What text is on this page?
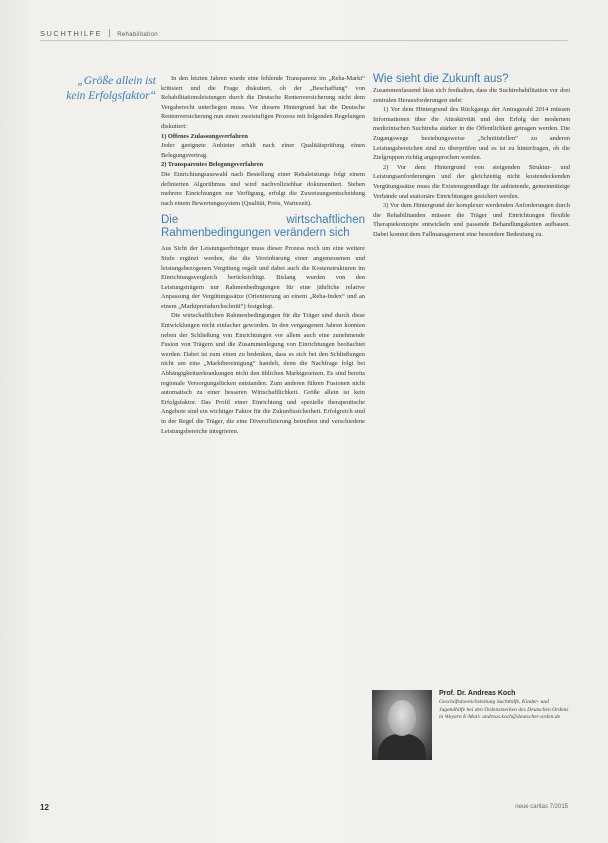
SUCHTHILFE	Rehabilitation
„Größe allein ist kein Erfolgsfaktor“

In den letzten Jahren wurde eine fehlende Transparenz im „Reha-Markt“ kritisiert und die Frage diskutiert, ob der „Beschaffung“ von Rehabilitationsleistungen durch die Deutsche Rentenversicherung nicht dem Vergaberecht unterliegen muss. Vor diesem Hintergrund hat die Deutsche Rentenversicherung nun einen zweistufigen Prozess mit folgenden Regelungen diskutiert:

1) Offenes Zulassungsverfahren

Jeder geeignete Anbieter erhält nach einer Qualitätsprüfung einen Belegungsvertrag.

2) Transparentes Belegungsverfahren

Die Einrichtungsauswahl nach Bestellung einer Rehaleistungs folgt einem definierten Algorithmus und wird nachvollziehbar dokumentiert. Stehen mehrere Einrichtungen zur Verfügung, erfolgt die Zuweisungsentscheidung nach einem Bewertungssystem (Qualität, Preis, Wartezeit).

Die wirtschaftlichen Rahmenbedingungen verändern sich

Aus Sicht der Leistungserbringer muss dieser Prozess noch um eine weitere Stufe ergänzt werden, die die Vereinbarung einer angemessenen und leistungsbezogenen Vergütung regelt und dabei auch die Kostenstrukturen im Einrichtungsvergleich berücksichtigt. Bislang wurden von den Leistungsträgern nur Rahmenbedingungen für eine jährliche relative Anpassung der Vergütungssätze (Orientierung an einem „Reha-Index“ und an einem „Marktpreisdurchschnitt“) festgelegt.

Die wirtschaftlichen Rahmenbedingungen für die Träger sind durch diese Entwicklungen nicht einfacher geworden. In den vergangenen Jahren konnten neben der Schließung von Einrichtungen vor allem auch eine zunehmende Fusion von Trägern und die Zusammenlegung von Einrichtungen beobachtet werden. Dabei ist zum einen zu bedenken, dass es sich bei den Schließungen nicht um eine „Marktbereinigung“ handelt, denn die Nachfrage folgt bei Abhängigkeitserkrankungen nicht den üblichen Marktgesetzen. Es sind bereits regionale Versorgungslücken entstanden. Zum anderen führen Fusionen nicht automatisch zu einer besseren Wirtschaftlichkeit. Größe allein ist kein Erfolgsfaktor. Das Profil einer Einrichtung und spezielle therapeutische Angebote sind ein wichtiger Faktor für die Zukunftssicherheit. Erfolgreich sind in der Regel die Träger, die eine Diversifizierung betreiben und verschiedene Leistungsbereiche integrieren.

Wie sieht die Zukunft aus?

Zusammenfassend lässt sich festhalten, dass die Suchtrehabilitation vor drei zentralen Herausforderungen steht:

1) Vor dem Hintergrund des Rückgangs der Antragszahl 2014 müssen Informationen über die Attraktivität und den Erfolg der modernen medizinischen Suchtreha stärker in die Öffentlichkeit getragen werden. Die Zugangswege beziehungsweise „Schnittstellen“ zu anderen Leistungsbereichen sind zu überprüfen und es ist zu hinterfragen, ob die Zielgruppen richtig angesprochen werden.

2) Vor dem Hintergrund von steigenden Struktur- und Leistungsanforderungen und der gleichzeitig nicht kostendeckenden Vergütungssätze muss die Existenzgrundlage für anbietende, gemeinnützige Verbände und stationäre Einrichtungen gesichert werden.

3) Vor dem Hintergrund der komplexer werdenden Anforderungen durch die Rehabilitanden müssen die Träger und Einrichtungen flexible Therapiekonzepte entwickeln und passende Behandlungsketten aufbauen. Dabei kommt dem Fallmanagement eine besondere Bedeutung zu.

Prof. Dr. Andreas Koch
Geschäftsbereichsleitung Suchthilfe, Kinder- und Jugendhilfe bei den Ordensmerken des Deutschen Ordens in Weyarn E-Mail: andreas.koch@deutscher-orden.de
12	neue caritas 7/2015
